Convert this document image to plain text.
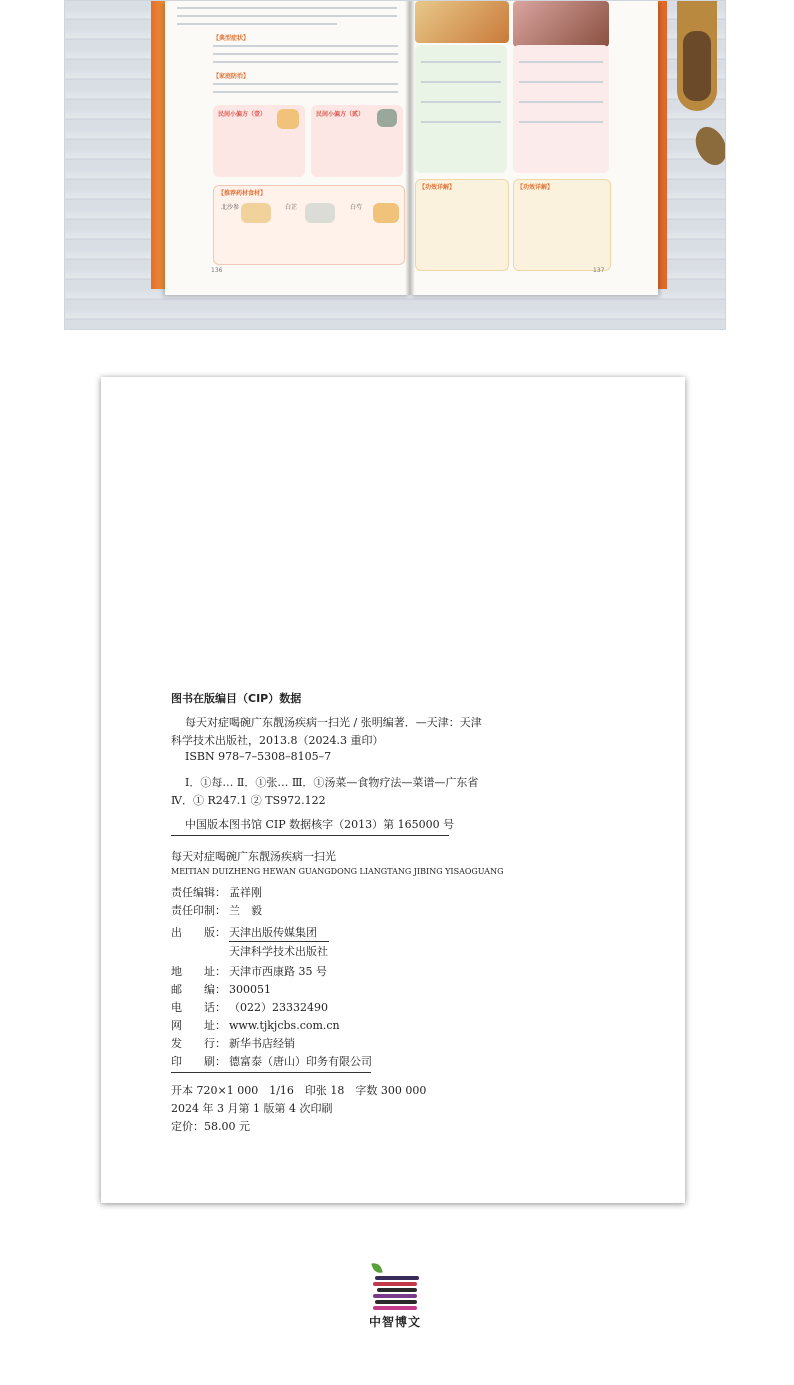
【典型症状】
【家庭防治】
民间小偏方（壹）	民间小偏方（贰）
【推荐药材食材】
北沙参	白芷	白芍
136
【功效详解】	【功效详解】
137
图书在版编目（CIP）数据
每天对症喝碗广东靓汤疾病一扫光 / 张明编著．—天津：天津
科学技术出版社，2013.8（2024.3 重印）
ISBN 978–7–5308–8105–7
Ⅰ．①每… Ⅱ．①张… Ⅲ．①汤菜—食物疗法—菜谱—广东省
Ⅳ．① R247.1 ② TS972.122
中国版本图书馆 CIP 数据核字（2013）第 165000 号
每天对症喝碗广东靓汤疾病一扫光
MEITIAN DUIZHENG HEWAN GUANGDONG LIANGTANG JIBING YISAOGUANG
责任编辑： 孟祥刚
责任印制： 兰　毅
出　　版： 天津出版传媒集团
天津科学技术出版社
地　　址： 天津市西康路 35 号
邮　　编： 300051
电　　话： （022）23332490
网　　址： www.tjkjcbs.com.cn
发　　行： 新华书店经销
印　　刷： 德富泰（唐山）印务有限公司
开本 720×1 000　1/16　印张 18　字数 300 000
2024 年 3 月第 1 版第 4 次印刷
定价：58.00 元
中智博文
